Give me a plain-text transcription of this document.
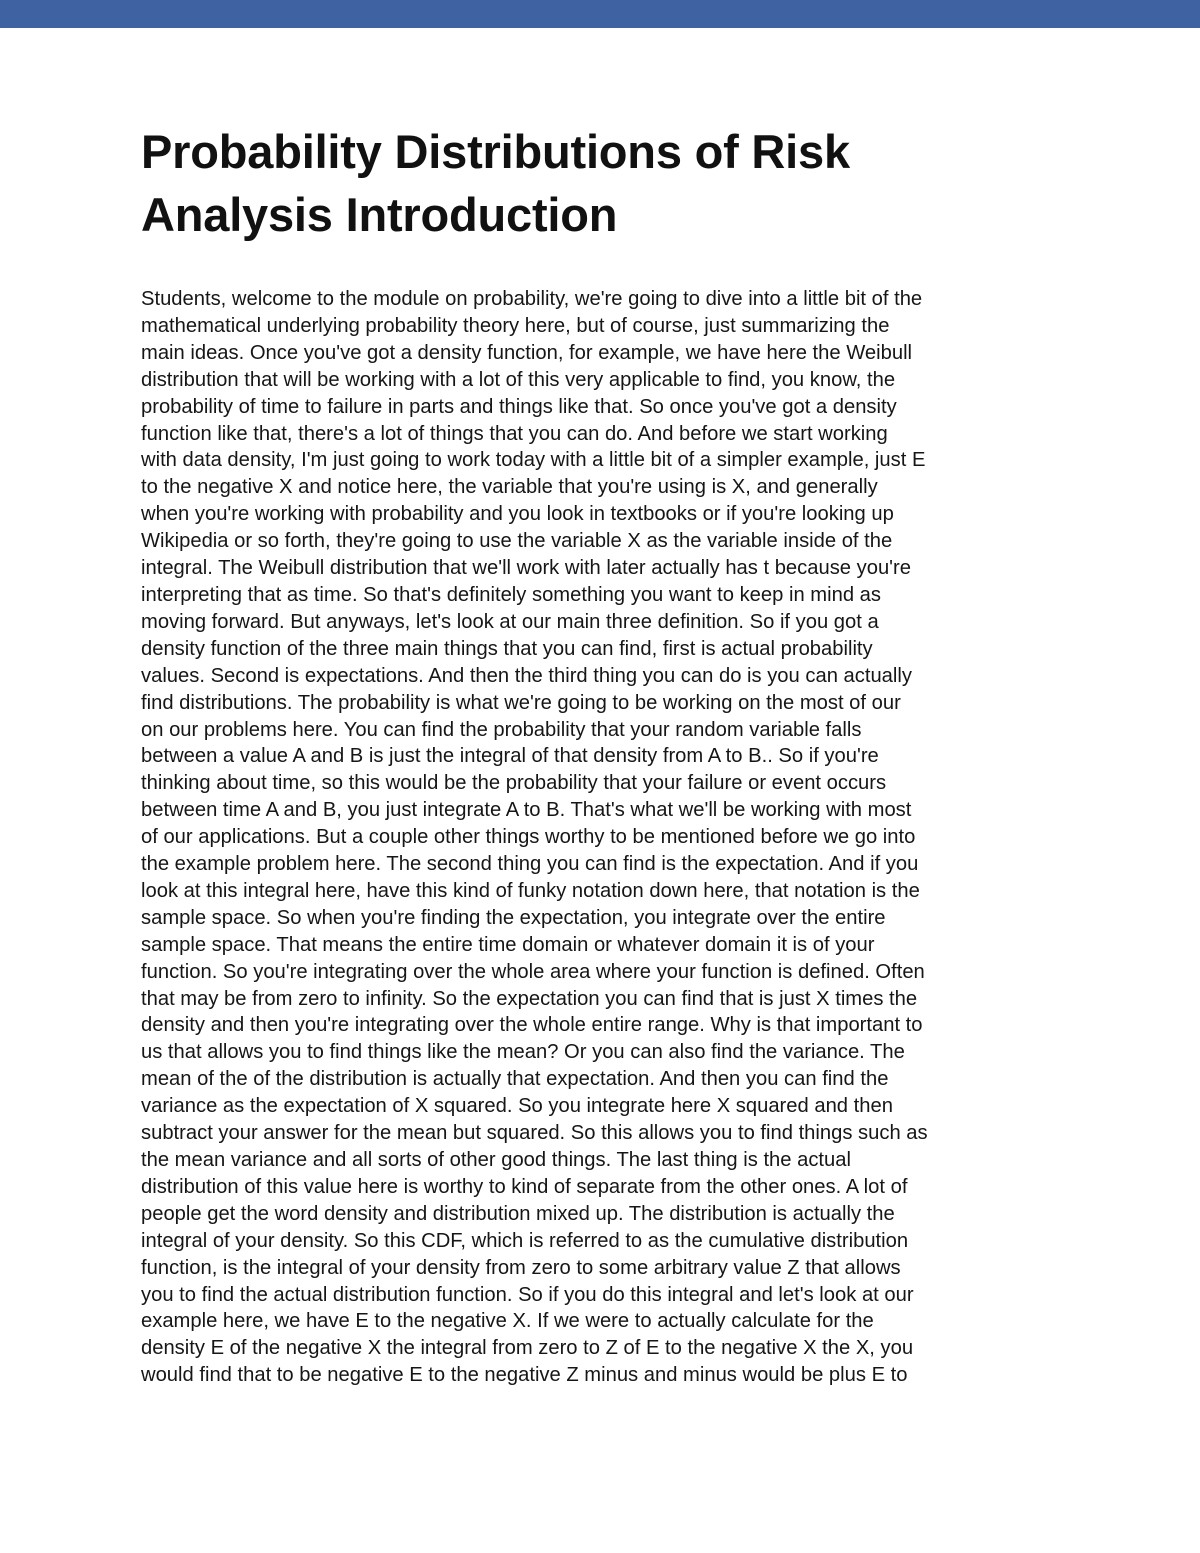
Probability Distributions of Risk
Analysis Introduction

Students, welcome to the module on probability, we're going to dive into a little bit of the
mathematical underlying probability theory here, but of course, just summarizing the
main ideas. Once you've got a density function, for example, we have here the Weibull
distribution that will be working with a lot of this very applicable to find, you know, the
probability of time to failure in parts and things like that. So once you've got a density
function like that, there's a lot of things that you can do. And before we start working
with data density, I'm just going to work today with a little bit of a simpler example, just E
to the negative X and notice here, the variable that you're using is X, and generally
when you're working with probability and you look in textbooks or if you're looking up
Wikipedia or so forth, they're going to use the variable X as the variable inside of the
integral. The Weibull distribution that we'll work with later actually has t because you're
interpreting that as time. So that's definitely something you want to keep in mind as
moving forward. But anyways, let's look at our main three definition. So if you got a
density function of the three main things that you can find, first is actual probability
values. Second is expectations. And then the third thing you can do is you can actually
find distributions. The probability is what we're going to be working on the most of our
on our problems here. You can find the probability that your random variable falls
between a value A and B is just the integral of that density from A to B.. So if you're
thinking about time, so this would be the probability that your failure or event occurs
between time A and B, you just integrate A to B. That's what we'll be working with most
of our applications. But a couple other things worthy to be mentioned before we go into
the example problem here. The second thing you can find is the expectation. And if you
look at this integral here, have this kind of funky notation down here, that notation is the
sample space. So when you're finding the expectation, you integrate over the entire
sample space. That means the entire time domain or whatever domain it is of your
function. So you're integrating over the whole area where your function is defined. Often
that may be from zero to infinity. So the expectation you can find that is just X times the
density and then you're integrating over the whole entire range. Why is that important to
us that allows you to find things like the mean? Or you can also find the variance. The
mean of the of the distribution is actually that expectation. And then you can find the
variance as the expectation of X squared. So you integrate here X squared and then
subtract your answer for the mean but squared. So this allows you to find things such as
the mean variance and all sorts of other good things. The last thing is the actual
distribution of this value here is worthy to kind of separate from the other ones. A lot of
people get the word density and distribution mixed up. The distribution is actually the
integral of your density. So this CDF, which is referred to as the cumulative distribution
function, is the integral of your density from zero to some arbitrary value Z that allows
you to find the actual distribution function. So if you do this integral and let's look at our
example here, we have E to the negative X. If we were to actually calculate for the
density E of the negative X the integral from zero to Z of E to the negative X the X, you
would find that to be negative E to the negative Z minus and minus would be plus E to
